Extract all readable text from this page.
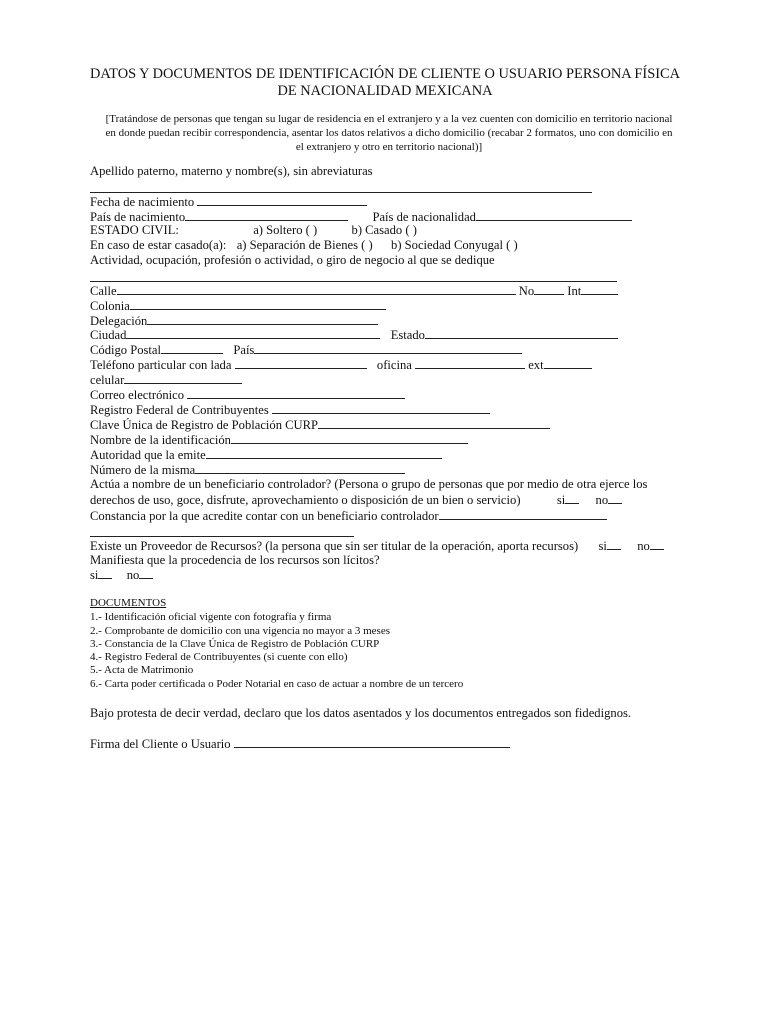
DATOS Y DOCUMENTOS DE IDENTIFICACIÓN DE CLIENTE O USUARIO PERSONA FÍSICA
DE NACIONALIDAD MEXICANA
[Tratándose de personas que tengan su lugar de residencia en el extranjero y a la vez cuenten con domicilio en territorio nacional
en donde puedan recibir correspondencia, asentar los datos relativos a dicho domicilio (recabar 2 formatos, uno con domicilio en
el extranjero y otro en territorio nacional)]
Apellido paterno, materno y nombre(s), sin abreviaturas
Fecha de nacimiento
País de nacimiento	País de nacionalidad
ESTADO CIVIL:	a) Soltero ( )	b) Casado ( )
En caso de estar casado(a): a) Separación de Bienes ( ) b) Sociedad Conyugal ( )
Actividad, ocupación, profesión o actividad, o giro de negocio al que se dedique
Calle	No	Int
Colonia
Delegación
Ciudad	Estado
Código Postal	País
Teléfono particular con lada	oficina	ext
celular
Correo electrónico
Registro Federal de Contribuyentes
Clave Única de Registro de Población CURP
Nombre de la identificación
Autoridad que la emite
Número de la misma
Actúa a nombre de un beneficiario controlador? (Persona o grupo de personas que por medio de otra ejerce los
derechos de uso, goce, disfrute, aprovechamiento o disposición de un bien o servicio)	si no
Constancia por la que acredite contar con un beneficiario controlador
Existe un Proveedor de Recursos? (la persona que sin ser titular de la operación, aporta recursos) si no
Manifiesta que la procedencia de los recursos son lícitos?
si no
DOCUMENTOS
1.- Identificación oficial vigente con fotografía y firma
2.- Comprobante de domicilio con una vigencia no mayor a 3 meses
3.- Constancia de la Clave Única de Registro de Población CURP
4.- Registro Federal de Contribuyentes (si cuente con ello)
5.- Acta de Matrimonio
6.- Carta poder certificada o Poder Notarial en caso de actuar a nombre de un tercero
Bajo protesta de decir verdad, declaro que los datos asentados y los documentos entregados son fidedignos.
Firma del Cliente o Usuario
